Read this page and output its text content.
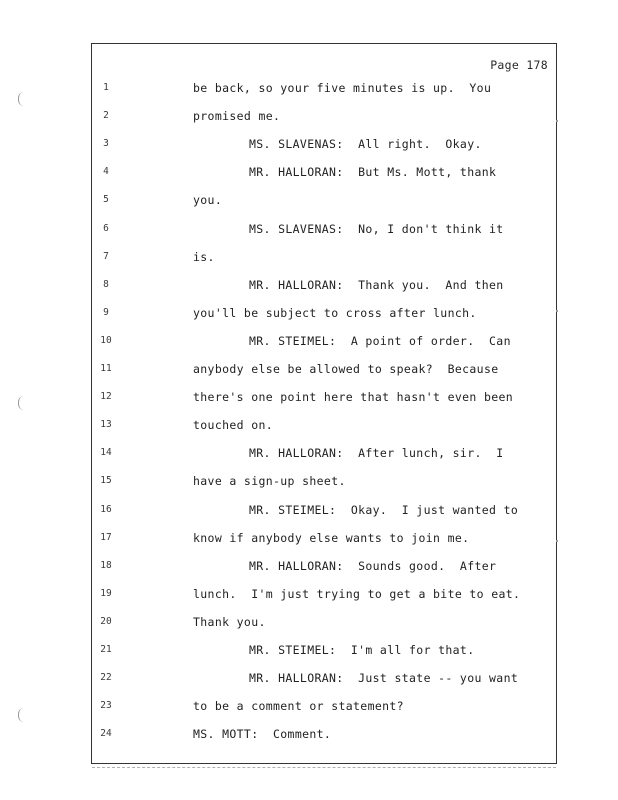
Page 178
1	be back, so your five minutes is up.  You
2	promised me.
3	MS. SLAVENAS:  All right.  Okay.
4	MR. HALLORAN:  But Ms. Mott, thank
5	you.
6	MS. SLAVENAS:  No, I don't think it
7	is.
8	MR. HALLORAN:  Thank you.  And then
9	you'll be subject to cross after lunch.
10	MR. STEIMEL:  A point of order.  Can
11	anybody else be allowed to speak?  Because
12	there's one point here that hasn't even been
13	touched on.
14	MR. HALLORAN:  After lunch, sir.  I
15	have a sign-up sheet.
16	MR. STEIMEL:  Okay.  I just wanted to
17	know if anybody else wants to join me.
18	MR. HALLORAN:  Sounds good.  After
19	lunch.  I'm just trying to get a bite to eat.
20	Thank you.
21	MR. STEIMEL:  I'm all for that.
22	MR. HALLORAN:  Just state -- you want
23	to be a comment or statement?
24	MS. MOTT:  Comment.
